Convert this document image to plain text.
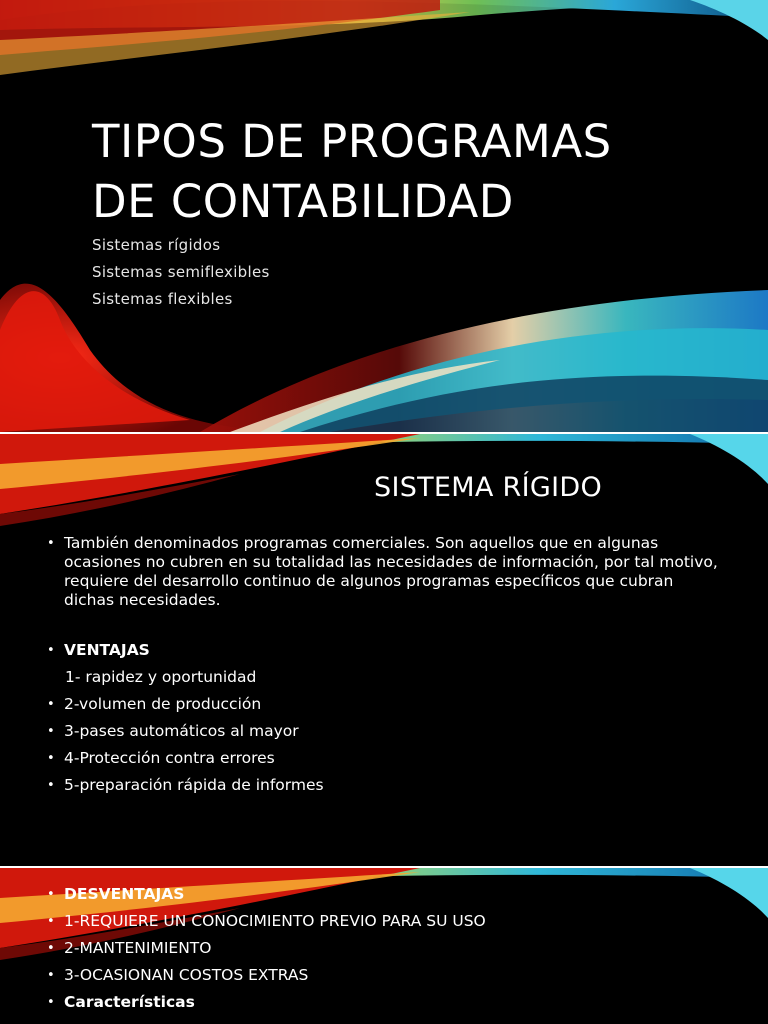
TIPOS DE PROGRAMAS
DE CONTABILIDAD
Sistemas rígidos
Sistemas semiflexibles
Sistemas flexibles
SISTEMA RÍGIDO
• También denominados programas comerciales. Son aquellos que en algunas ocasiones no cubren en su totalidad las necesidades de información, por tal motivo, requiere del desarrollo continuo de algunos programas específicos que cubran dichas necesidades.
• VENTAJAS
1- rapidez y oportunidad
• 2-volumen de producción
• 3-pases automáticos al mayor
• 4-Protección contra errores
• 5-preparación rápida de informes
• DESVENTAJAS
• 1-REQUIERE UN CONOCIMIENTO PREVIO PARA SU USO
• 2-MANTENIMIENTO
• 3-OCASIONAN COSTOS EXTRAS
• Características
